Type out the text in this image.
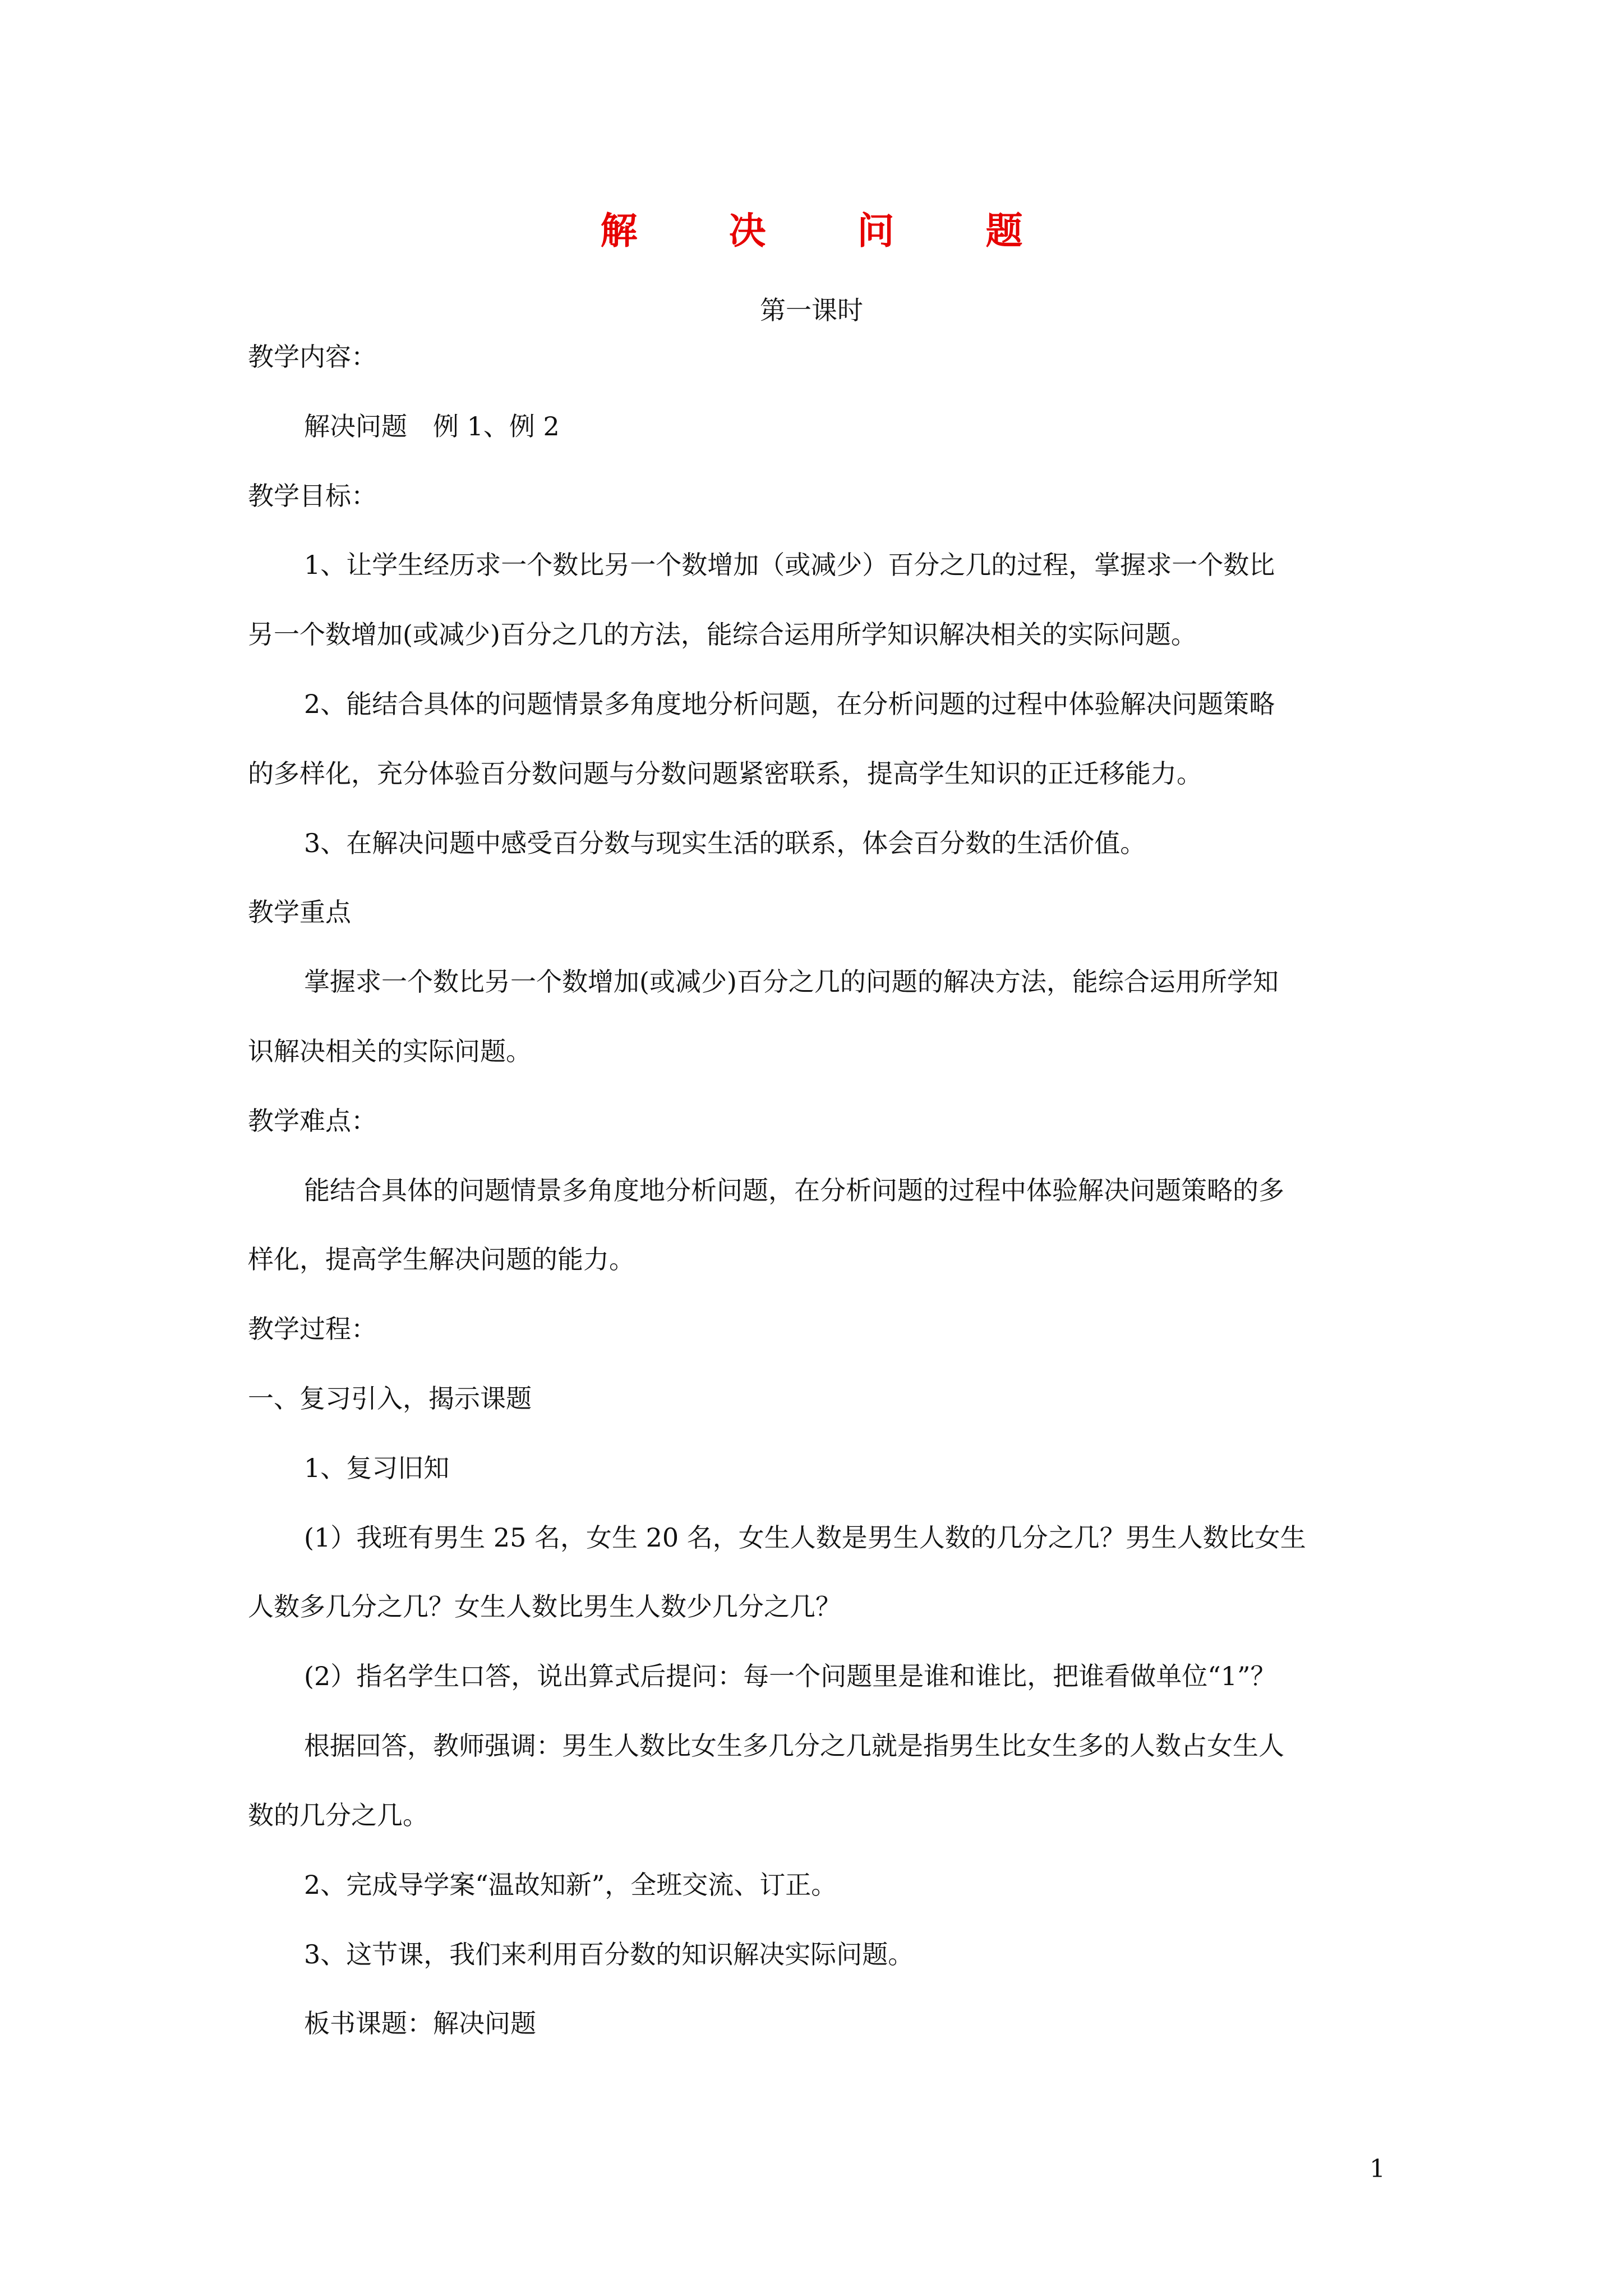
解 决 问 题
第一课时
教学内容：
解决问题　例 1、例 2
教学目标：
1、让学生经历求一个数比另一个数增加（或减少）百分之几的过程，掌握求一个数比
另一个数增加(或减少)百分之几的方法，能综合运用所学知识解决相关的实际问题。
2、能结合具体的问题情景多角度地分析问题，在分析问题的过程中体验解决问题策略
的多样化，充分体验百分数问题与分数问题紧密联系，提高学生知识的正迁移能力。
3、在解决问题中感受百分数与现实生活的联系，体会百分数的生活价值。
教学重点
掌握求一个数比另一个数增加(或减少)百分之几的问题的解决方法，能综合运用所学知
识解决相关的实际问题。
教学难点：
能结合具体的问题情景多角度地分析问题，在分析问题的过程中体验解决问题策略的多
样化，提高学生解决问题的能力。
教学过程：
一、复习引入，揭示课题
1、复习旧知
(1）我班有男生 25 名，女生 20 名，女生人数是男生人数的几分之几？男生人数比女生
人数多几分之几？女生人数比男生人数少几分之几？
(2）指名学生口答，说出算式后提问：每一个问题里是谁和谁比，把谁看做单位“1”？
根据回答，教师强调：男生人数比女生多几分之几就是指男生比女生多的人数占女生人
数的几分之几。
2、完成导学案“温故知新”，全班交流、订正。
3、这节课，我们来利用百分数的知识解决实际问题。
板书课题：解决问题
1
